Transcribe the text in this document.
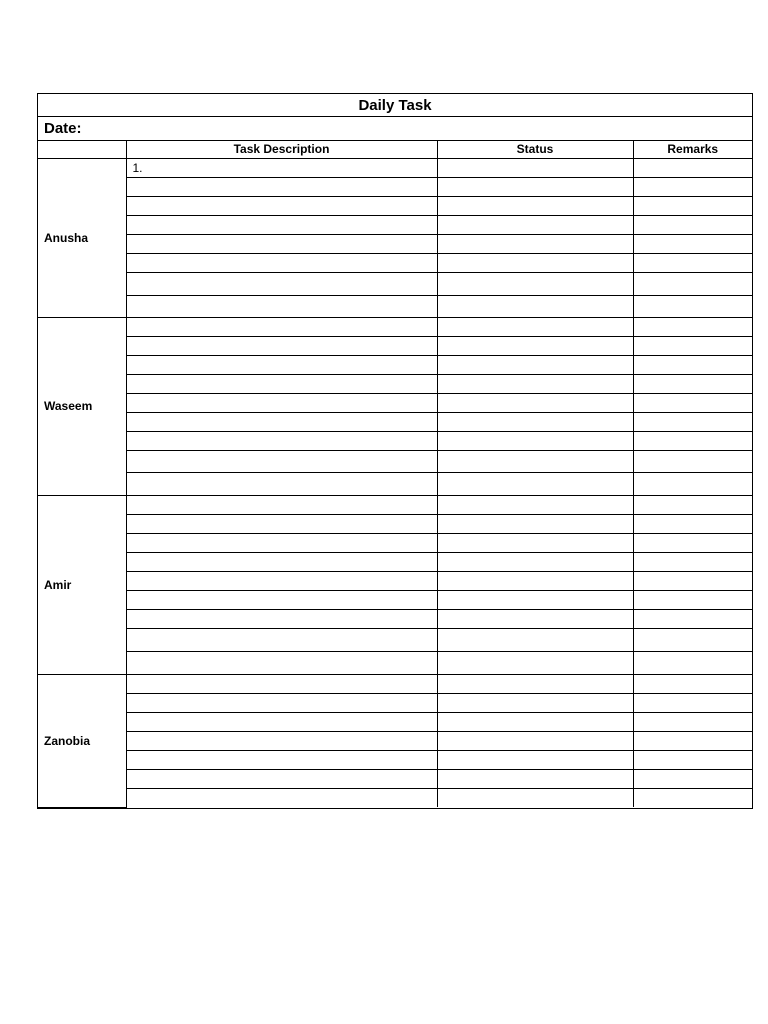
Daily Task
Date:
	Task Description	Status	Remarks
Anusha	1.		

Waseem			

Amir			

Zanobia			
